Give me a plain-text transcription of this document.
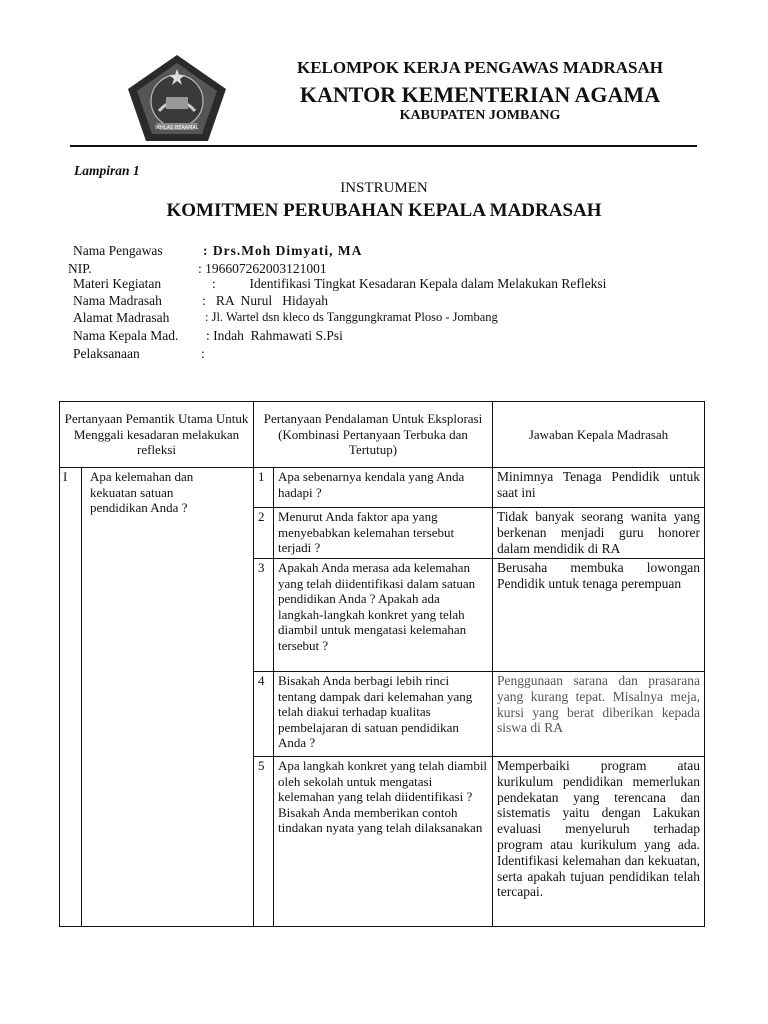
IKHLAS BERAMAL
KELOMPOK KERJA PENGAWAS MADRASAH
KANTOR KEMENTERIAN AGAMA
KABUPATEN JOMBANG
Lampiran 1
INSTRUMEN
KOMITMEN PERUBAHAN KEPALA MADRASAH
Nama Pengawas	: Drs.Moh Dimyati, MA
NIP.	: 196607262003121001
Materi Kegiatan	:          Identifikasi Tingkat Kesadaran Kepala dalam Melakukan Refleksi
Nama Madrasah	:   RA  Nurul   Hidayah
Alamat Madrasah	: Jl. Wartel dsn kleco ds Tanggungkramat Ploso - Jombang
Nama Kepala Mad. : Indah  Rahmawati S.Psi
Pelaksanaan	:
Pertanyaan Pemantik Utama Untuk Menggali kesadaran melakukan refleksi		Pertanyaan Pendalaman Untuk Eksplorasi (Kombinasi Pertanyaan Terbuka dan Tertutup)		Jawaban Kepala Madrasah
I	Apa kelemahan dan kekuatan satuan pendidikan Anda ?	1	Apa sebenarnya kendala yang Anda hadapi ?	Minimnya Tenaga Pendidik untuk saat ini
		2	Menurut Anda faktor apa yang menyebabkan kelemahan tersebut terjadi ?	Tidak banyak seorang wanita yang berkenan menjadi guru honorer dalam mendidik di RA
		3	Apakah Anda merasa ada kelemahan yang telah diidentifikasi dalam satuan pendidikan Anda ? Apakah ada langkah-langkah konkret yang telah diambil untuk mengatasi kelemahan tersebut ?	Berusaha membuka lowongan Pendidik untuk tenaga perempuan
		4	Bisakah Anda berbagi lebih rinci tentang dampak dari kelemahan yang telah diakui terhadap kualitas pembelajaran di satuan pendidikan Anda ?	Penggunaan sarana dan prasarana yang kurang tepat. Misalnya meja, kursi yang berat diberikan kepada siswa di RA
		5	Apa langkah konkret yang telah diambil oleh sekolah untuk mengatasi kelemahan yang telah diidentifikasi ? Bisakah Anda memberikan contoh tindakan nyata yang telah dilaksanakan	Memperbaiki program atau kurikulum pendidikan memerlukan pendekatan yang terencana dan sistematis yaitu dengan Lakukan evaluasi menyeluruh terhadap program atau kurikulum yang ada. Identifikasi kelemahan dan kekuatan, serta apakah tujuan pendidikan telah tercapai.
